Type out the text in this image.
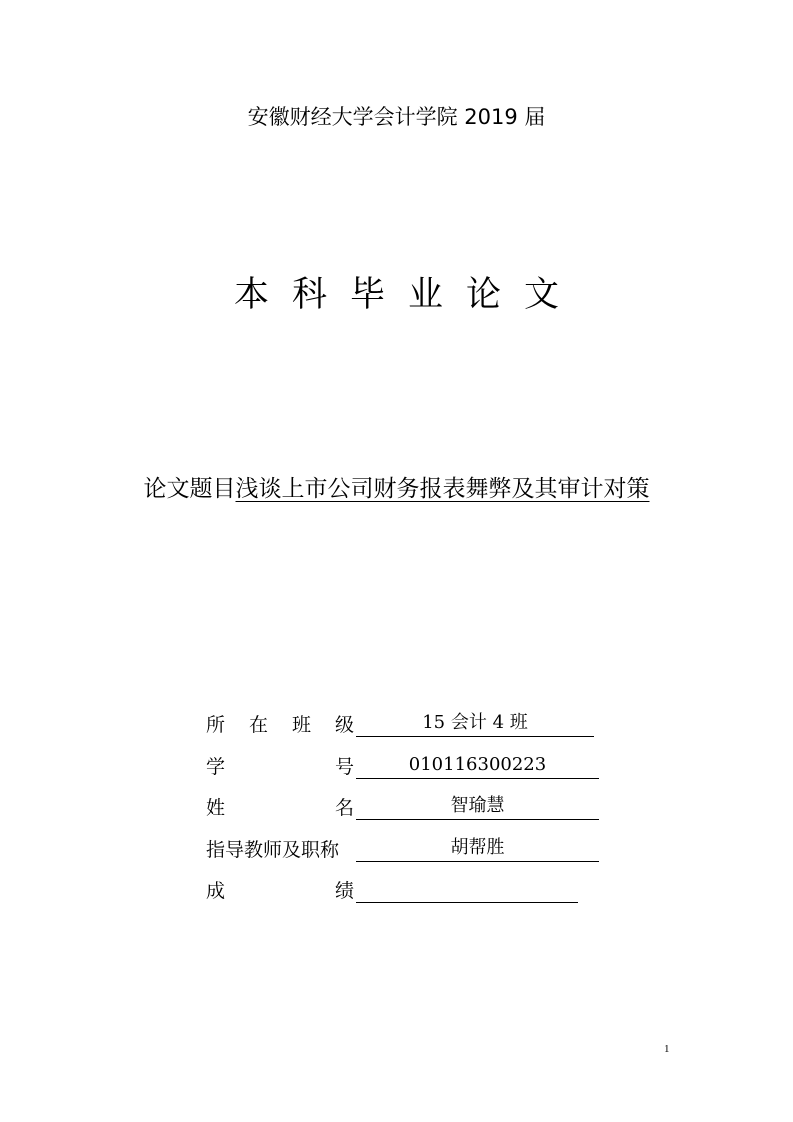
安徽财经大学会计学院 2019 届
本科毕业论文
论文题目浅谈上市公司财务报表舞弊及其审计对策
所 在 班 级	15 会计 4 班
学	号	010116300223
姓	名	智瑜慧
指导教师及职称	胡帮胜
成	绩
1
